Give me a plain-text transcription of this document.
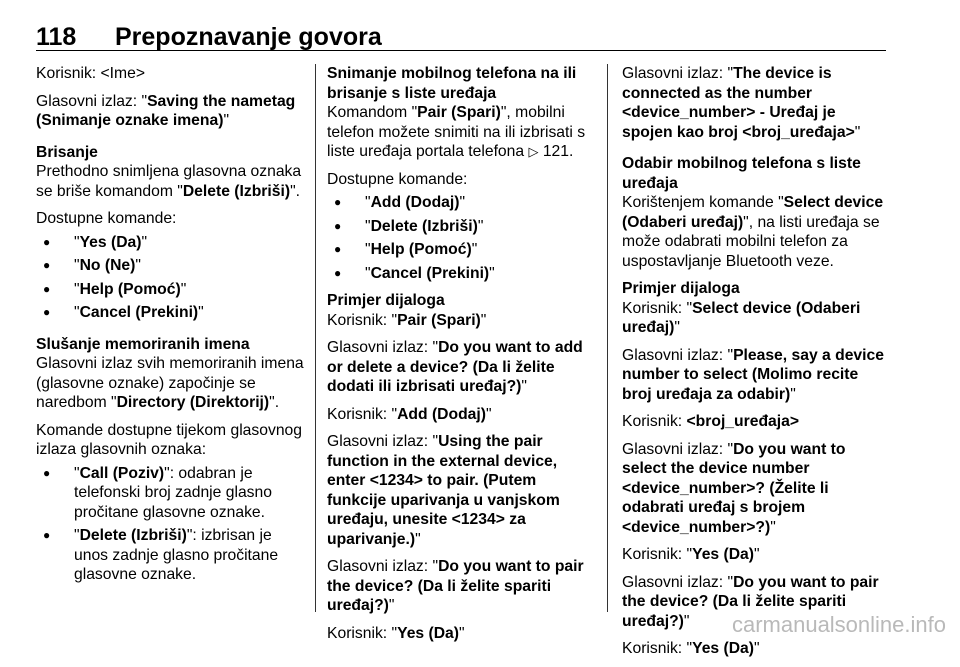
118 Prepoznavanje govora

Korisnik: <Ime>

Glasovni izlaz: "Saving the nametag (Snimanje oznake imena)"

Brisanje

Prethodno snimljena glasovna oznaka se briše komandom "Delete (Izbriši)".

Dostupne komande:

● "Yes (Da)"
● "No (Ne)"
● "Help (Pomoć)"
● "Cancel (Prekini)"
Slušanje memoriranih imena

Glasovni izlaz svih memoriranih imena (glasovne oznake) započinje se naredbom "Directory (Direktorij)".

Komande dostupne tijekom glasovnog izlaza glasovnih oznaka:

● "Call (Poziv)": odabran je telefonski broj zadnje glasno pročitane glasovne oznake.
● "Delete (Izbriši)": izbrisan je unos zadnje glasno pročitane glasovne oznake.
Snimanje mobilnog telefona na ili brisanje s liste uređaja

Komandom "Pair (Spari)", mobilni telefon možete snimiti na ili izbrisati s liste uređaja portala telefona ▷ 121.

Dostupne komande:

● "Add (Dodaj)"
● "Delete (Izbriši)"
● "Help (Pomoć)"
● "Cancel (Prekini)"
Primjer dijaloga

Korisnik: "Pair (Spari)"

Glasovni izlaz: "Do you want to add or delete a device? (Da li želite dodati ili izbrisati uređaj?)"

Korisnik: "Add (Dodaj)"

Glasovni izlaz: "Using the pair function in the external device, enter <1234> to pair. (Putem funkcije uparivanja u vanjskom uređaju, unesite <1234> za uparivanje.)"

Glasovni izlaz: "Do you want to pair the device? (Da li želite spariti uređaj?)"

Korisnik: "Yes (Da)"

Glasovni izlaz: "The device is connected as the number <device_number> - Uređaj je spojen kao broj <broj_uređaja>"

Odabir mobilnog telefona s liste uređaja

Korištenjem komande "Select device (Odaberi uređaj)", na listi uređaja se može odabrati mobilni telefon za uspostavljanje Bluetooth veze.

Primjer dijaloga

Korisnik: "Select device (Odaberi uređaj)"

Glasovni izlaz: "Please, say a device number to select (Molimo recite broj uređaja za odabir)"

Korisnik: <broj_uređaja>

Glasovni izlaz: "Do you want to select the device number <device_number>? (Želite li odabrati uređaj s brojem <device_number>?)"

Korisnik: "Yes (Da)"

Glasovni izlaz: "Do you want to pair the device? (Da li želite spariti uređaj?)"

Korisnik: "Yes (Da)"

carmanualsonline.info
